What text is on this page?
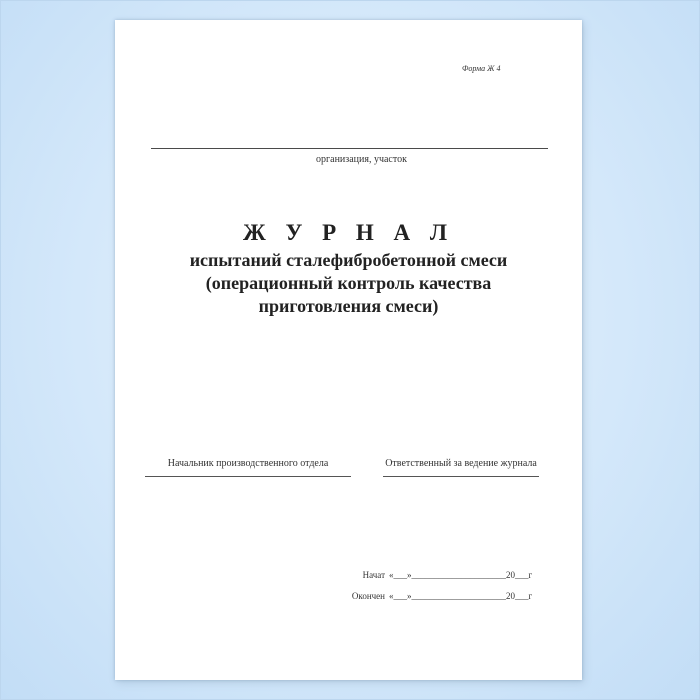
Форма Ж 4
организация, участок
Ж У Р Н А Л
испытаний сталефибробетонной смеси
(операционный контроль качества
приготовления смеси)
Начальник производственного отдела	Ответственный за ведение журнала
Начат «___»_____________________20___г
Окончен «___»_____________________20___г
